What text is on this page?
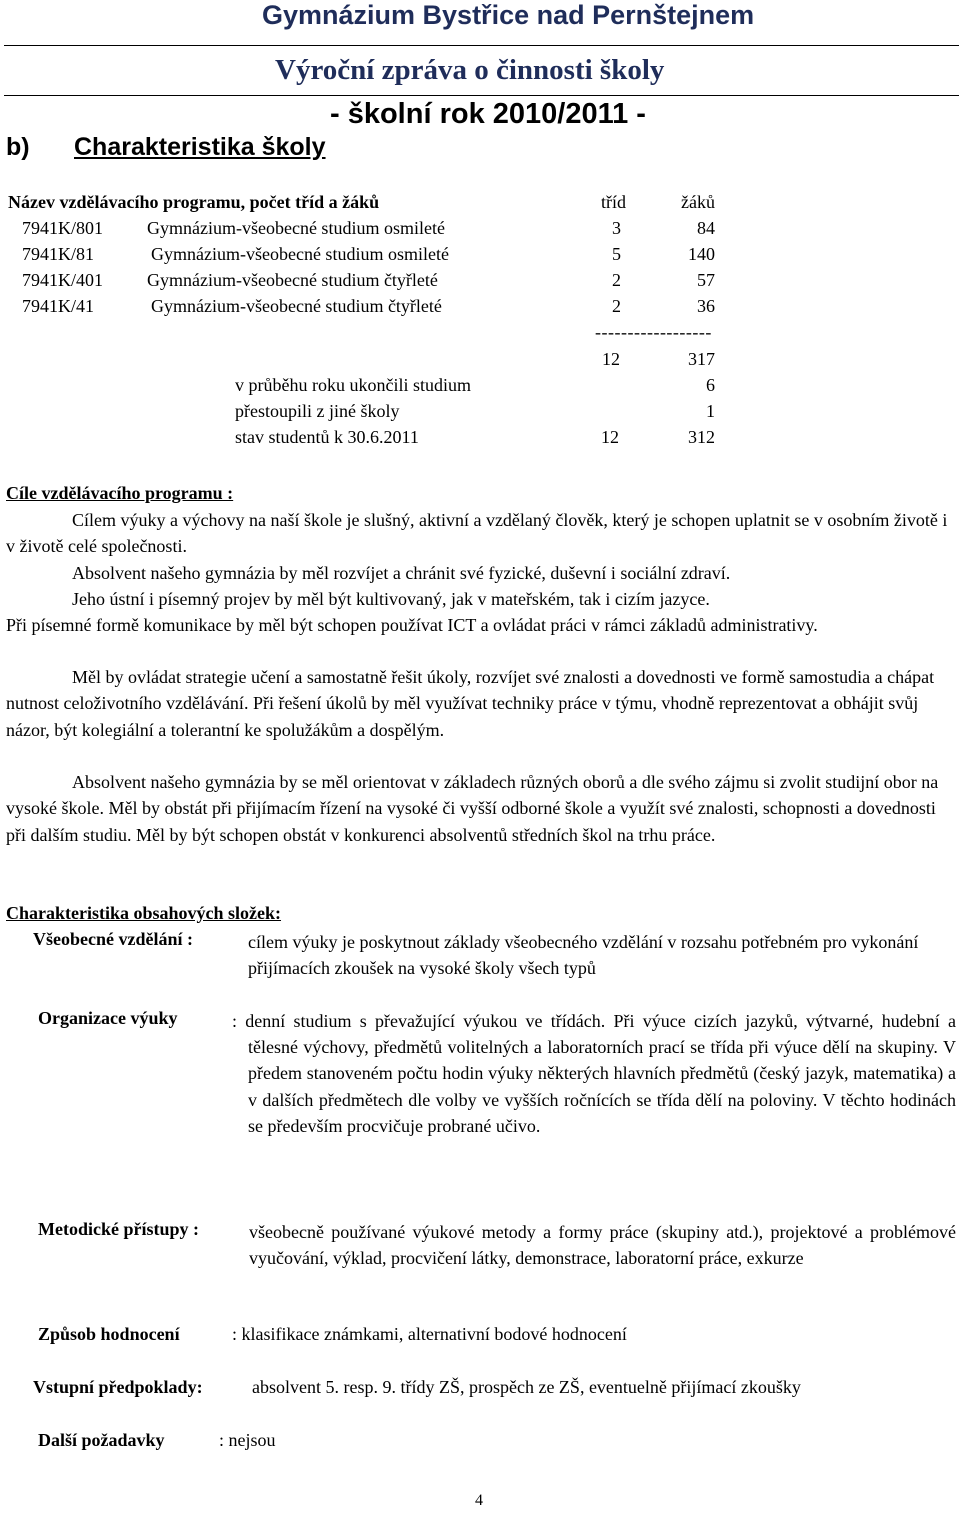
Gymnázium Bystřice nad Pernštejnem
Výroční zpráva o činnosti školy
- školní rok 2010/2011 -
b) Charakteristika školy
Název vzdělávacího programu, počet tříd a žáků	tříd	žáků
7941K/801 Gymnázium-všeobecné studium osmileté	3	84
7941K/81	Gymnázium-všeobecné studium osmileté	5	140
7941K/401 Gymnázium-všeobecné studium čtyřleté	2	57
7941K/41	Gymnázium-všeobecné studium čtyřleté	2	36
------------------
12	317
v průběhu roku ukončili studium	6
přestoupili z jiné školy	1
stav studentů k 30.6.2011	12	312
Cíle vzdělávacího programu :
Cílem výuky a výchovy na naší škole je slušný, aktivní a vzdělaný člověk, který je schopen uplatnit se v osobním životě i v životě celé společnosti.
Absolvent našeho gymnázia by měl rozvíjet a chránit své fyzické, duševní i sociální zdraví.
Jeho ústní i písemný projev by měl být kultivovaný, jak v mateřském, tak i cizím jazyce.
Při písemné formě komunikace by měl být schopen používat ICT a ovládat práci v rámci základů administrativy.
Měl by ovládat strategie učení a samostatně řešit úkoly, rozvíjet své znalosti a dovednosti ve formě samostudia a chápat nutnost celoživotního vzdělávání. Při řešení úkolů by měl využívat techniky práce v týmu, vhodně reprezentovat a obhájit svůj názor, být kolegiální a tolerantní ke spolužákům a dospělým.
Absolvent našeho gymnázia by se měl orientovat v základech různých oborů a dle svého zájmu si zvolit studijní obor na vysoké škole. Měl by obstát při přijímacím řízení na vysoké či vyšší odborné škole a využít své znalosti, schopnosti a dovednosti při dalším studiu. Měl by být schopen obstát v konkurenci absolventů středních škol na trhu práce.
Charakteristika obsahových složek:
Všeobecné vzdělání :	cílem výuky je poskytnout základy všeobecného vzdělání v rozsahu potřebném pro vykonání přijímacích zkoušek na vysoké školy všech typů
Organizace výuky	: denní studium s převažující výukou ve třídách. Při výuce cizích jazyků, výtvarné, hudební a tělesné výchovy, předmětů volitelných a laboratorních prací se třída při výuce dělí na skupiny. V předem stanoveném počtu hodin výuky některých hlavních předmětů (český jazyk, matematika) a v dalších předmětech dle volby ve vyšších ročnících se třída dělí na poloviny. V těchto hodinách se především procvičuje probrané učivo.
Metodické přístupy :	všeobecně používané výukové metody a formy práce (skupiny atd.), projektové a problémové vyučování, výklad, procvičení látky, demonstrace, laboratorní práce, exkurze
Způsob hodnocení	: klasifikace známkami, alternativní bodové hodnocení
Vstupní předpoklady:	absolvent 5. resp. 9. třídy ZŠ, prospěch ze ZŠ, eventuelně přijímací zkoušky
Další požadavky	: nejsou
4
